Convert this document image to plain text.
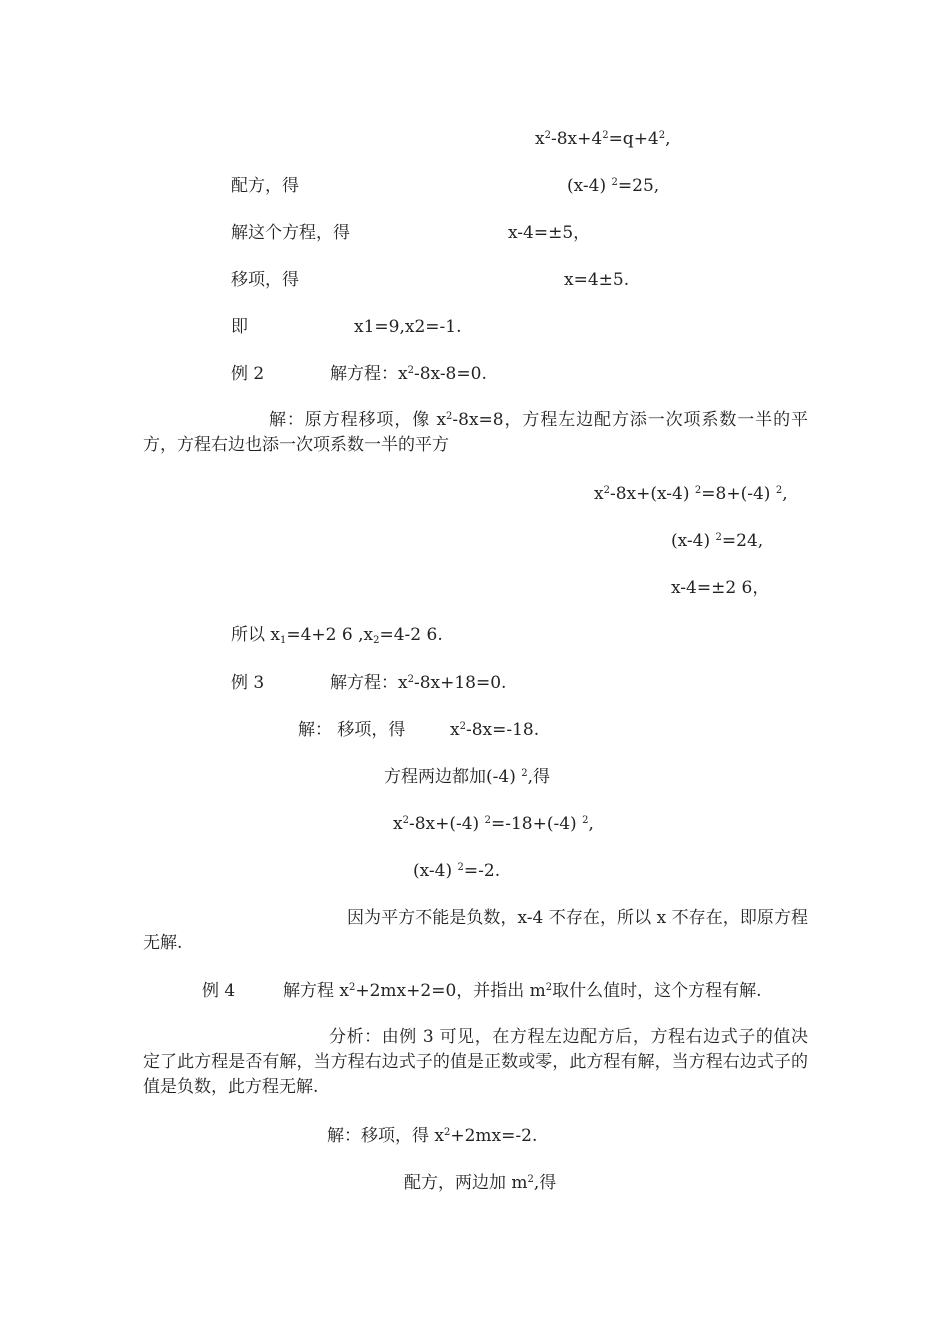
$x^2-8x+4^2=q+4^2$,
配方，得	(x-4) $^2$=25,
解这个方程，得	x-4=±5，
移项，得	x=4±5.
即	x1=9,x2=-1.
例 2	解方程：$x^2-8x-8=0$.
解：原方程移项，像 $x^2-8x=8$，方程左边配方添一次项系数一半的平方，方程右边也添一次项系数一半的平方
$x^2-8x+(x-4)$ $^2$=8+(-4) $^2$,
(x-4) $^2$=24,
x-4=±2 6，
所以 $x_1=4+2$ 6 $,x_2=4-2$ 6.
例 3	解方程：$x^2-8x+18=0$.
解： 移项，得	$x^2-8x=-18$.
方程两边都加(-4) $^2$,得
$x^2-8x+(-4)$ $^2$=-18+(-4) $^2$,
(x-4) $^2$=-2.
因为平方不能是负数，x-4 不存在，所以 x 不存在，即原方程无解.
例 4	解方程 $x^2+2mx+2=0$，并指出 $m^2$取什么值时，这个方程有解.
分析：由例 3 可见，在方程左边配方后，方程右边式子的值决定了此方程是否有解，当方程右边式子的值是正数或零，此方程有解，当方程右边式子的值是负数，此方程无解.
解：移项，得 $x^2+2mx=-2$.
配方，两边加 $m^2$,得
